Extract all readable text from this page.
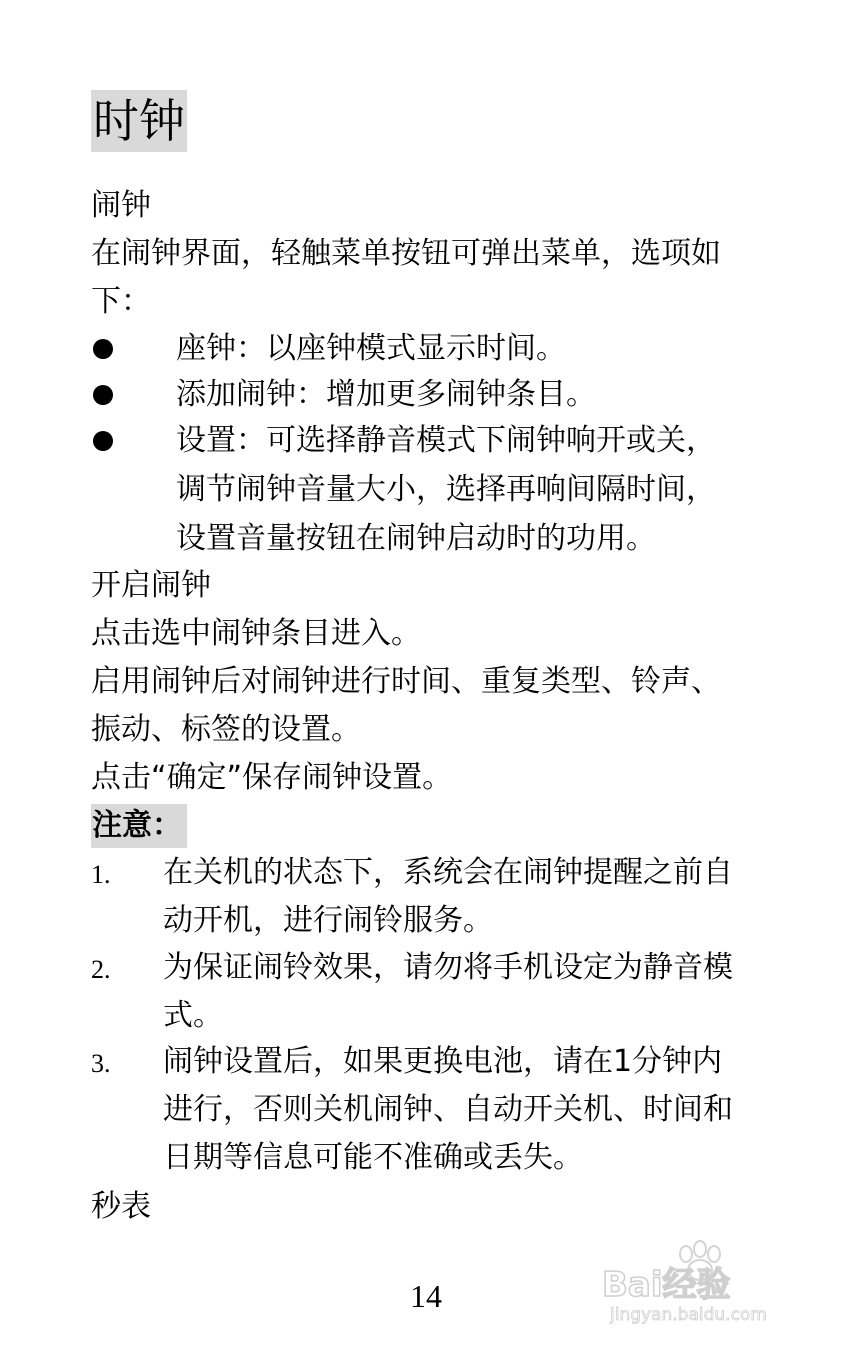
时钟
闹钟
在闹钟界面，轻触菜单按钮可弹出菜单，选项如
下：
座钟：以座钟模式显示时间。
添加闹钟：增加更多闹钟条目。
设置：可选择静音模式下闹钟响开或关，
调节闹钟音量大小，选择再响间隔时间，
设置音量按钮在闹钟启动时的功用。
开启闹钟
点击选中闹钟条目进入。
启用闹钟后对闹钟进行时间、重复类型、铃声、
振动、标签的设置。
点击“确定”保存闹钟设置。
注意：
1. 在关机的状态下，系统会在闹钟提醒之前自
动开机，进行闹铃服务。
2. 为保证闹铃效果，请勿将手机设定为静音模
式。
3. 闹钟设置后，如果更换电池，请在1分钟内
进行，否则关机闹钟、自动开关机、时间和
日期等信息可能不准确或丢失。
秒表
14	Bai经验
jingyan.baidu.com
